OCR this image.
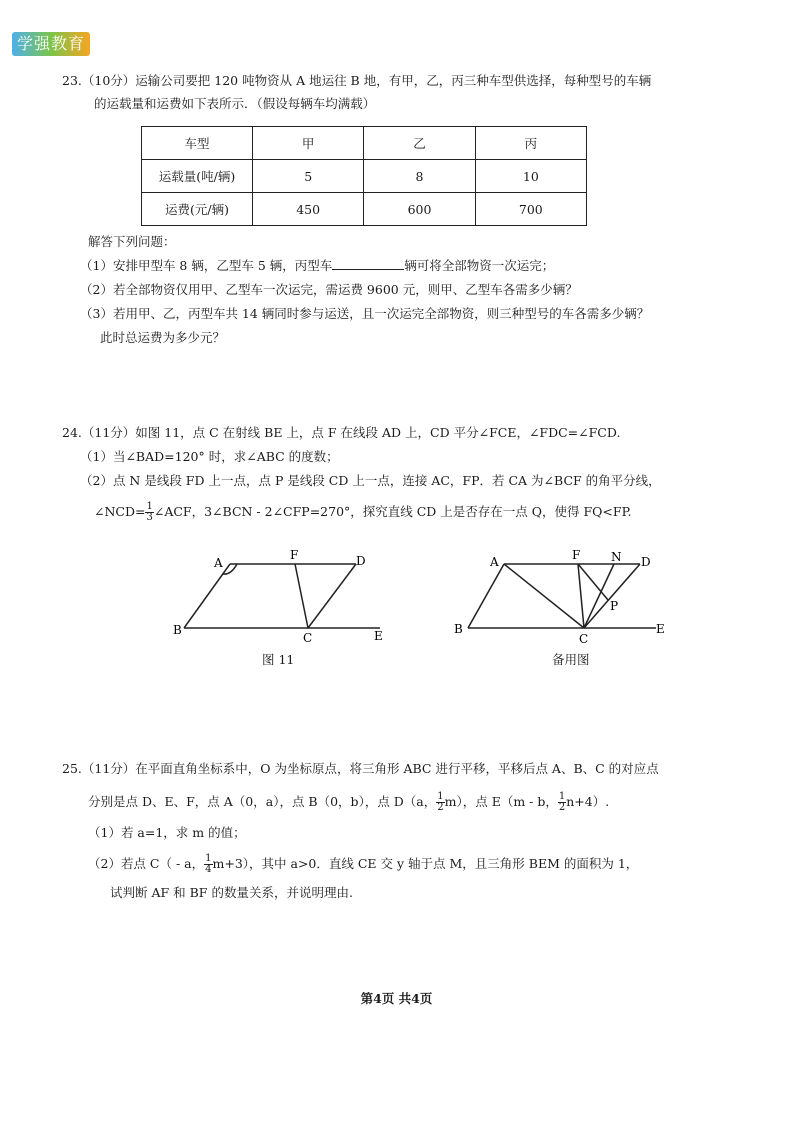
学强教育
23.（10分）运输公司要把 120 吨物资从 A 地运往 B 地，有甲，乙，丙三种车型供选择，每种型号的车辆
的运载量和运费如下表所示．（假设每辆车均满载）
车型	甲	乙	丙
运载量(吨/辆)	5	8	10
运费(元/辆)	450	600	700
解答下列问题：
（1）安排甲型车 8 辆，乙型车 5 辆，丙型车	辆可将全部物资一次运完；
（2）若全部物资仅用甲、乙型车一次运完，需运费 9600 元，则甲、乙型车各需多少辆？
（3）若用甲、乙，丙型车共 14 辆同时参与运送，且一次运完全部物资，则三种型号的车各需多少辆？
此时总运费为多少元？
24.（11分）如图 11，点 C 在射线 BE 上，点 F 在线段 AD 上，CD 平分∠FCE，∠FDC=∠FCD.
（1）当∠BAD=120° 时，求∠ABC 的度数；
（2）点 N 是线段 FD 上一点，点 P 是线段 CD 上一点，连接 AC，FP．若 CA 为∠BCF 的角平分线，
∠NCD= $\frac{1}{3}$ ∠ACF，3∠BCN - 2∠CFP=270°，探究直线 CD 上是否存在一点 Q，使得 FQ<FP.
A
F	D
B
C	E
图 11
A	F	N D
P
B
C
E
备用图
25.（11分）在平面直角坐标系中，O 为坐标原点，将三角形 ABC 进行平移，平移后点 A、B、C 的对应点
分别是点 D、E、F，点 A（0，a），点 B（0，b），点 D（a， $\frac{1}{2} m$），点 E（m - b， $\frac{1}{2} n+4$）.
（1）若 a=1，求 m 的值；
（2）若点 C（ - a， $\frac{1}{4} m+3$），其中 a>0．直线 CE 交 y 轴于点 M，且三角形 BEM 的面积为 1，
试判断 AF 和 BF 的数量关系，并说明理由.
第4页 共4页
